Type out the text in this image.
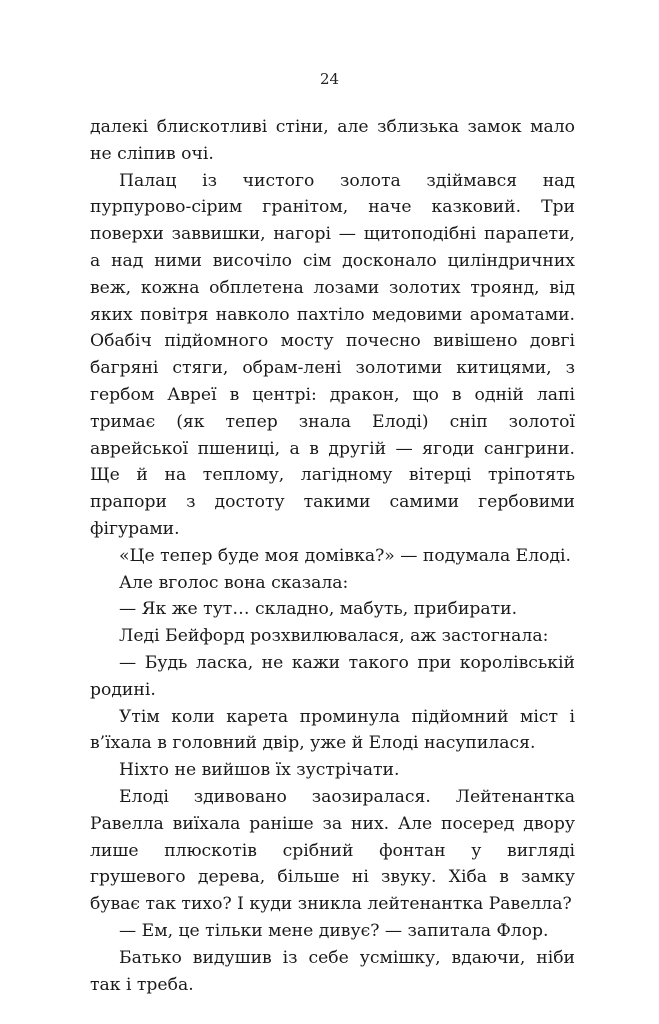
24

далекі блискотливі стіни, але зблизька замок мало не сліпив очі.

Палац із чистого золота здіймався над пурпурово-сірим гранітом, наче казковий. Три поверхи заввишки, нагорі — щитоподібні парапети, а над ними височіло сім досконало циліндричних веж, кожна обплетена лозами золотих троянд, від яких повітря навколо пахтіло медовими ароматами. Обабіч підйомного мосту почесно вивішено довгі багряні стяги, обрам-лені золотими китицями, з гербом Авреї в центрі: дракон, що в одній лапі тримає (як тепер знала Елоді) сніп золотої аврейської пшениці, а в другій — ягоди сангрини. Ще й на теплому, лагідному вітерці тріпотять прапори з достоту такими самими гербовими фігурами.

«Це тепер буде моя домівка?» — подумала Елоді.

Але вголос вона сказала:

— Як же тут… складно, мабуть, прибирати.

Леді Бейфорд розхвилювалася, аж застогнала:

— Будь ласка, не кажи такого при королівській родині.

Утім коли карета проминула підйомний міст і в’їхала в головний двір, уже й Елоді насупилася.

Ніхто не вийшов їх зустрічати.

Елоді здивовано заозиралася. Лейтенантка Равелла виїхала раніше за них. Але посеред двору лише плюскотів срібний фонтан у вигляді грушевого дерева, більше ні звуку. Хіба в замку буває так тихо? І куди зникла лейтенантка Равелла?

— Ем, це тільки мене дивує? — запитала Флор.

Батько видушив із себе усмішку, вдаючи, ніби так і треба.
